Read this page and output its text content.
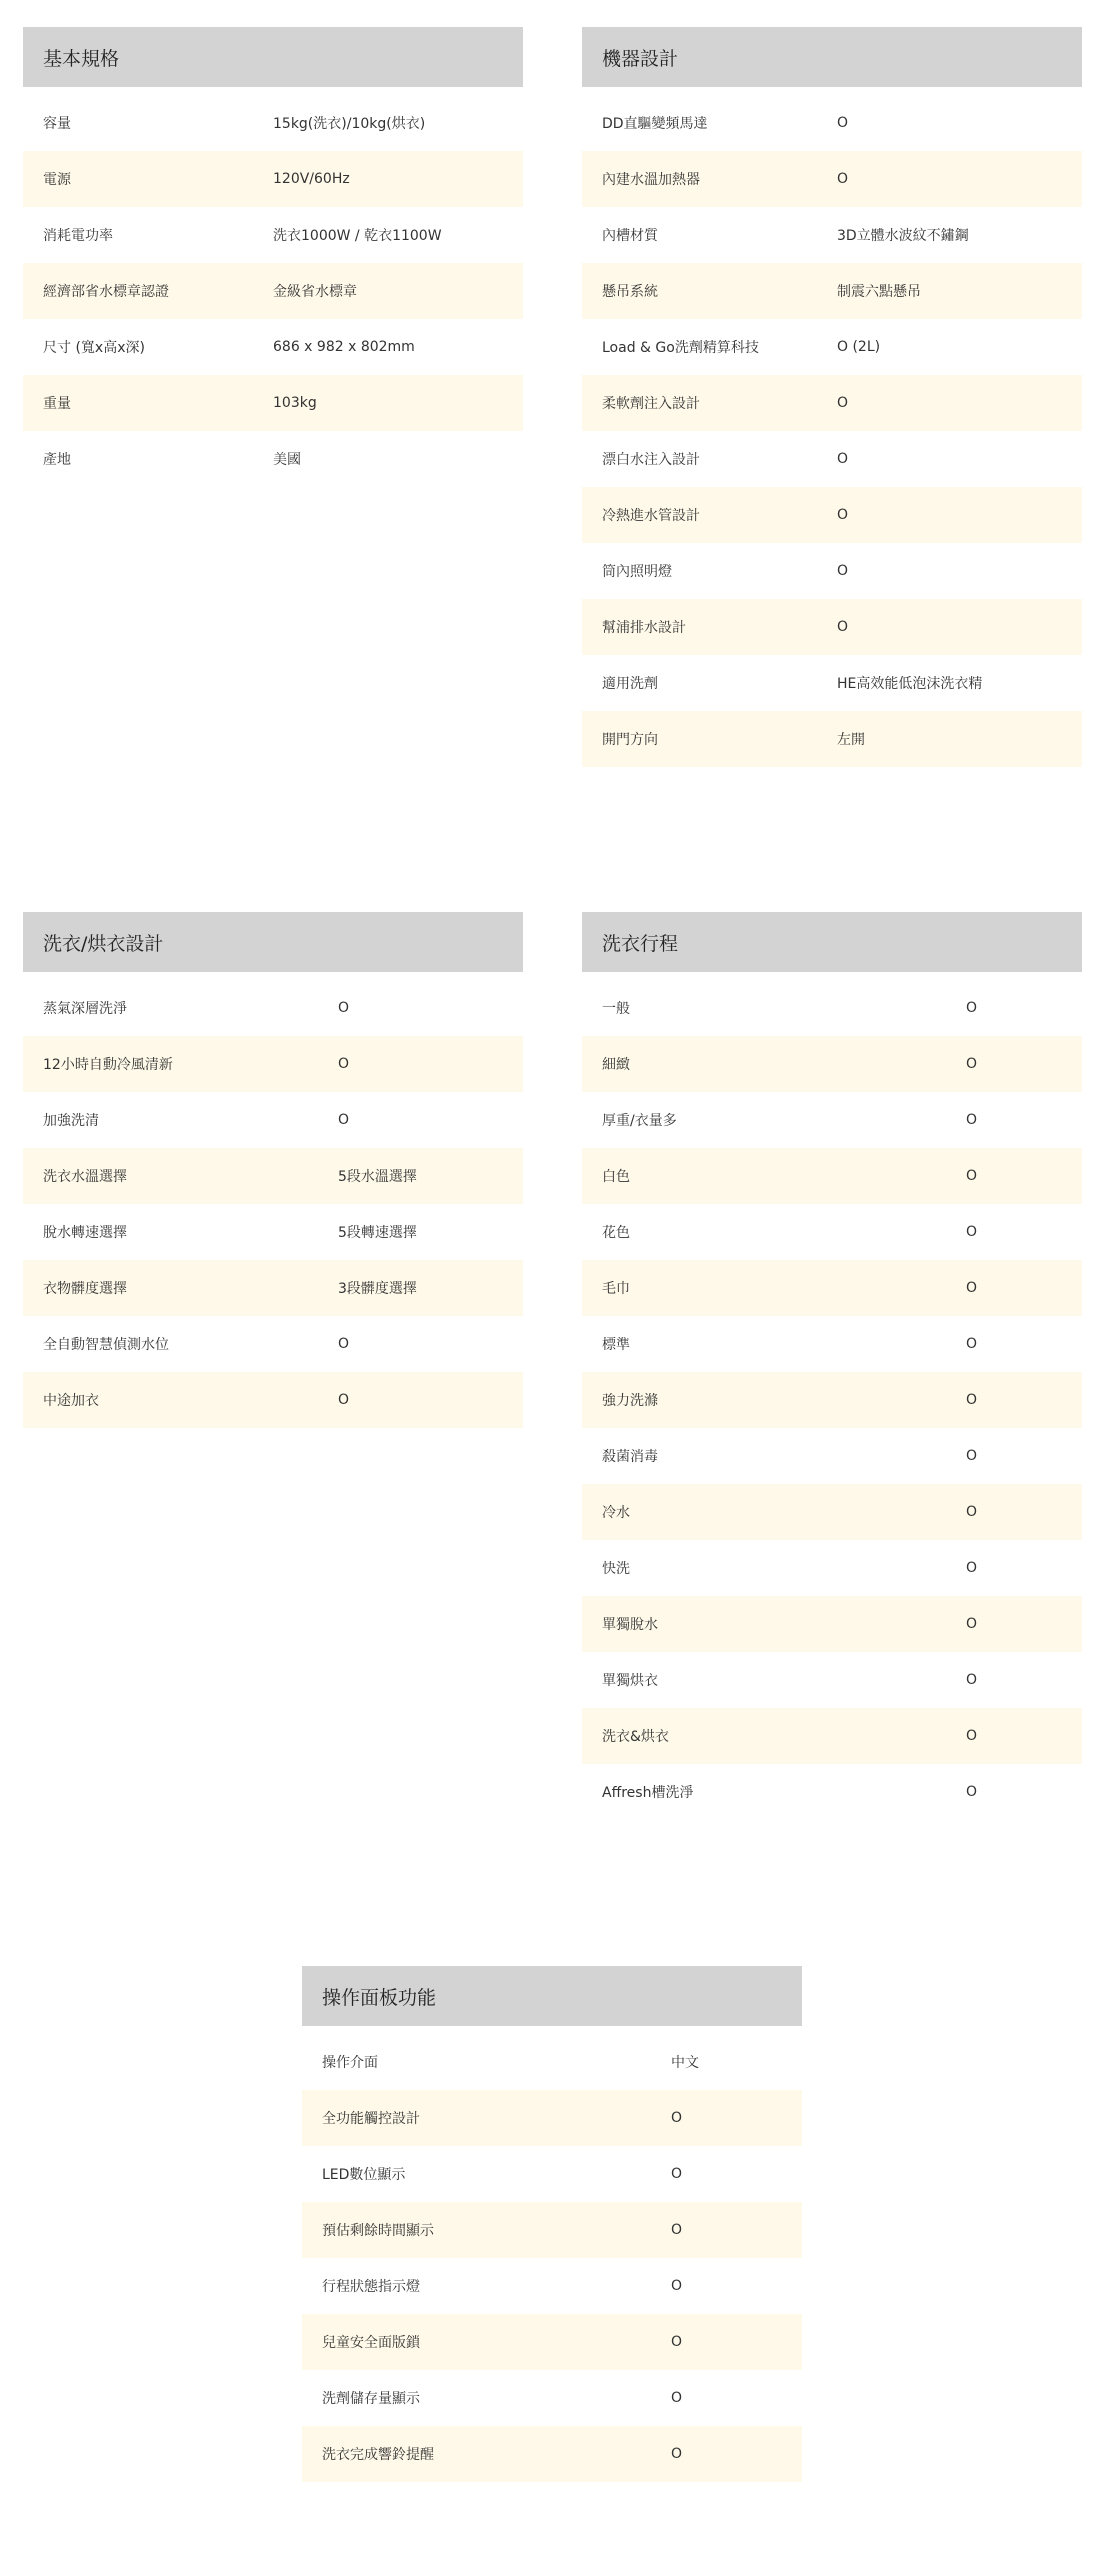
基本規格
容量	15kg(洗衣)/10kg(烘衣)
電源	120V/60Hz
消耗電功率	洗衣1000W / 乾衣1100W
經濟部省水標章認證	金級省水標章
尺寸 (寬x高x深)	686 x 982 x 802mm
重量	103kg
產地	美國
機器設計
DD直驅變頻馬達	O
內建水溫加熱器	O
內槽材質	3D立體水波紋不鏽鋼
懸吊系統	制震六點懸吊
Load & Go洗劑精算科技	O (2L)
柔軟劑注入設計	O
漂白水注入設計	O
冷熱進水管設計	O
筒內照明燈	O
幫浦排水設計	O
適用洗劑	HE高效能低泡沫洗衣精
開門方向	左開
洗衣/烘衣設計
蒸氣深層洗淨	O
12小時自動冷風清新	O
加強洗清	O
洗衣水溫選擇	5段水溫選擇
脫水轉速選擇	5段轉速選擇
衣物髒度選擇	3段髒度選擇
全自動智慧偵測水位	O
中途加衣	O
洗衣行程
一般	O
細緻	O
厚重/衣量多	O
白色	O
花色	O
毛巾	O
標準	O
強力洗滌	O
殺菌消毒	O
冷水	O
快洗	O
單獨脫水	O
單獨烘衣	O
洗衣&烘衣	O
Affresh槽洗淨	O
操作面板功能
操作介面	中文
全功能觸控設計	O
LED數位顯示	O
預估剩餘時間顯示	O
行程狀態指示燈	O
兒童安全面版鎖	O
洗劑儲存量顯示	O
洗衣完成響鈴提醒	O
